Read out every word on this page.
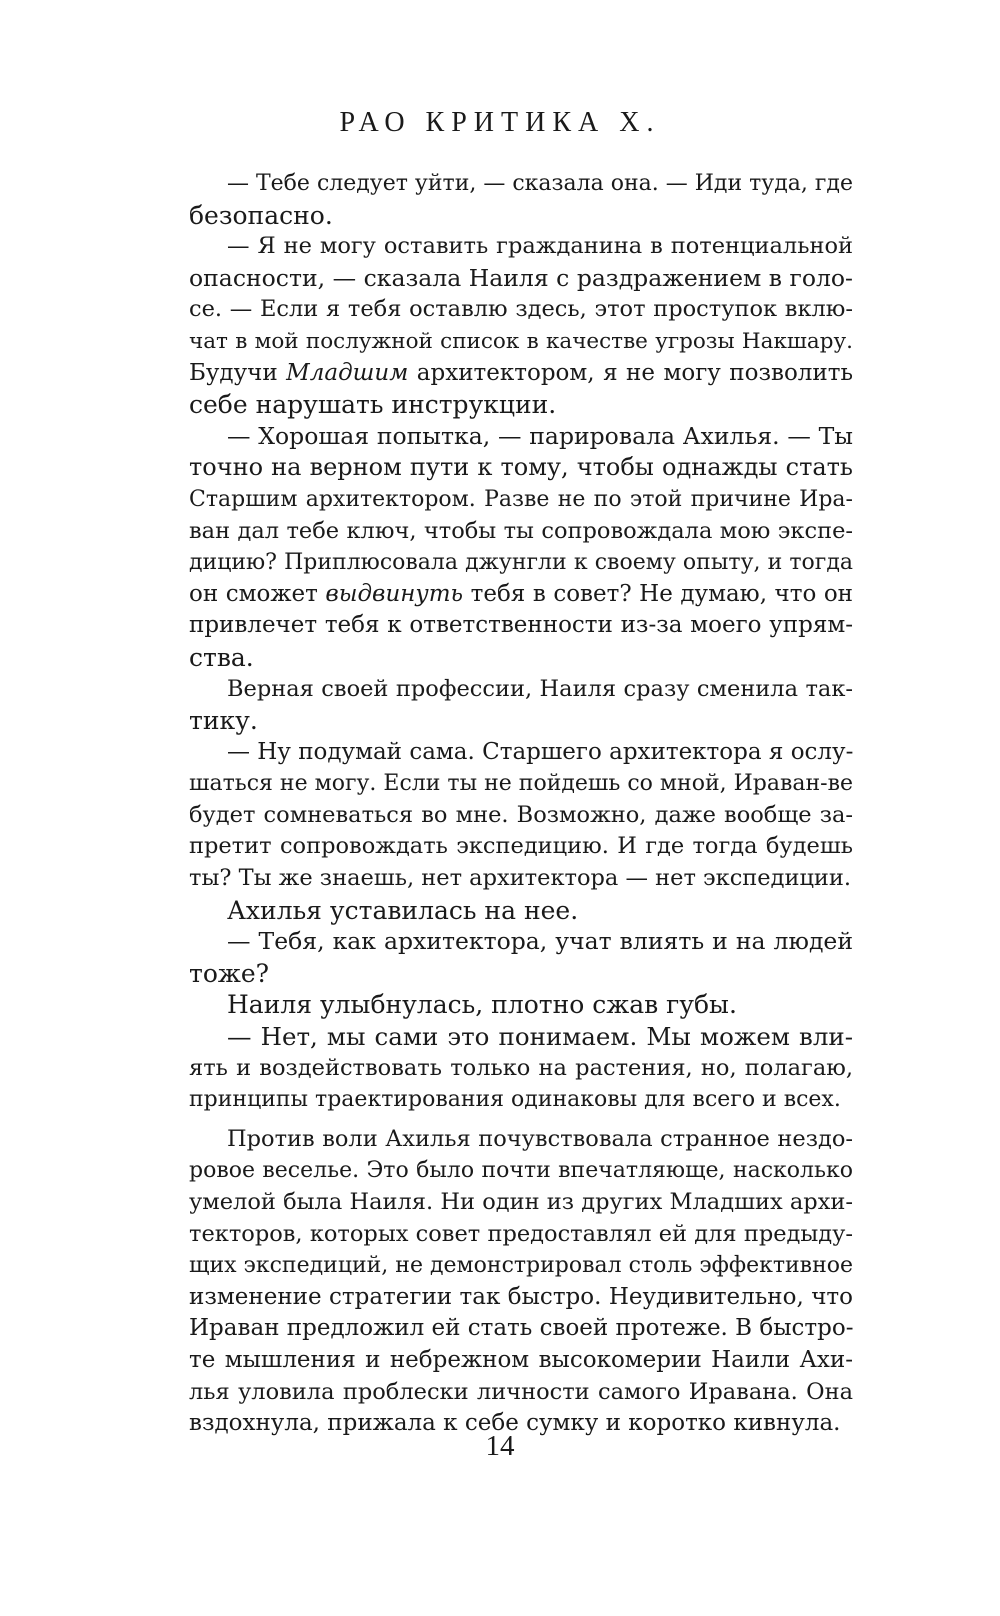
РАО КРИТИКА Х.
— Тебе следует уйти, — сказала она. — Иди туда, где
безопасно.
— Я не могу оставить гражданина в потенциальной
опасности, — сказала Наиля с раздражением в голо-
се. — Если я тебя оставлю здесь, этот проступок вклю-
чат в мой послужной список в качестве угрозы Накшару.
Будучи Младшим архитектором, я не могу позволить
себе нарушать инструкции.
— Хорошая попытка, — парировала Ахилья. — Ты
точно на верном пути к тому, чтобы однажды стать
Старшим архитектором. Разве не по этой причине Ира-
ван дал тебе ключ, чтобы ты сопровождала мою экспе-
дицию? Приплюсовала джунгли к своему опыту, и тогда
он сможет выдвинуть тебя в совет? Не думаю, что он
привлечет тебя к ответственности из-за моего упрям-
ства.
Верная своей профессии, Наиля сразу сменила так-
тику.
— Ну подумай сама. Старшего архитектора я ослу-
шаться не могу. Если ты не пойдешь со мной, Ираван-ве
будет сомневаться во мне. Возможно, даже вообще за-
претит сопровождать экспедицию. И где тогда будешь
ты? Ты же знаешь, нет архитектора — нет экспедиции.
Ахилья уставилась на нее.
— Тебя, как архитектора, учат влиять и на людей
тоже?
Наиля улыбнулась, плотно сжав губы.
— Нет, мы сами это понимаем. Мы можем вли-
ять и воздействовать только на растения, но, полагаю,
принципы траектирования одинаковы для всего и всех.
Против воли Ахилья почувствовала странное нездо-
ровое веселье. Это было почти впечатляюще, насколько
умелой была Наиля. Ни один из других Младших архи-
текторов, которых совет предоставлял ей для предыду-
щих экспедиций, не демонстрировал столь эффективное
изменение стратегии так быстро. Неудивительно, что
Ираван предложил ей стать своей протеже. В быстро-
те мышления и небрежном высокомерии Наили Ахи-
лья уловила проблески личности самого Иравана. Она
вздохнула, прижала к себе сумку и коротко кивнула.
14
